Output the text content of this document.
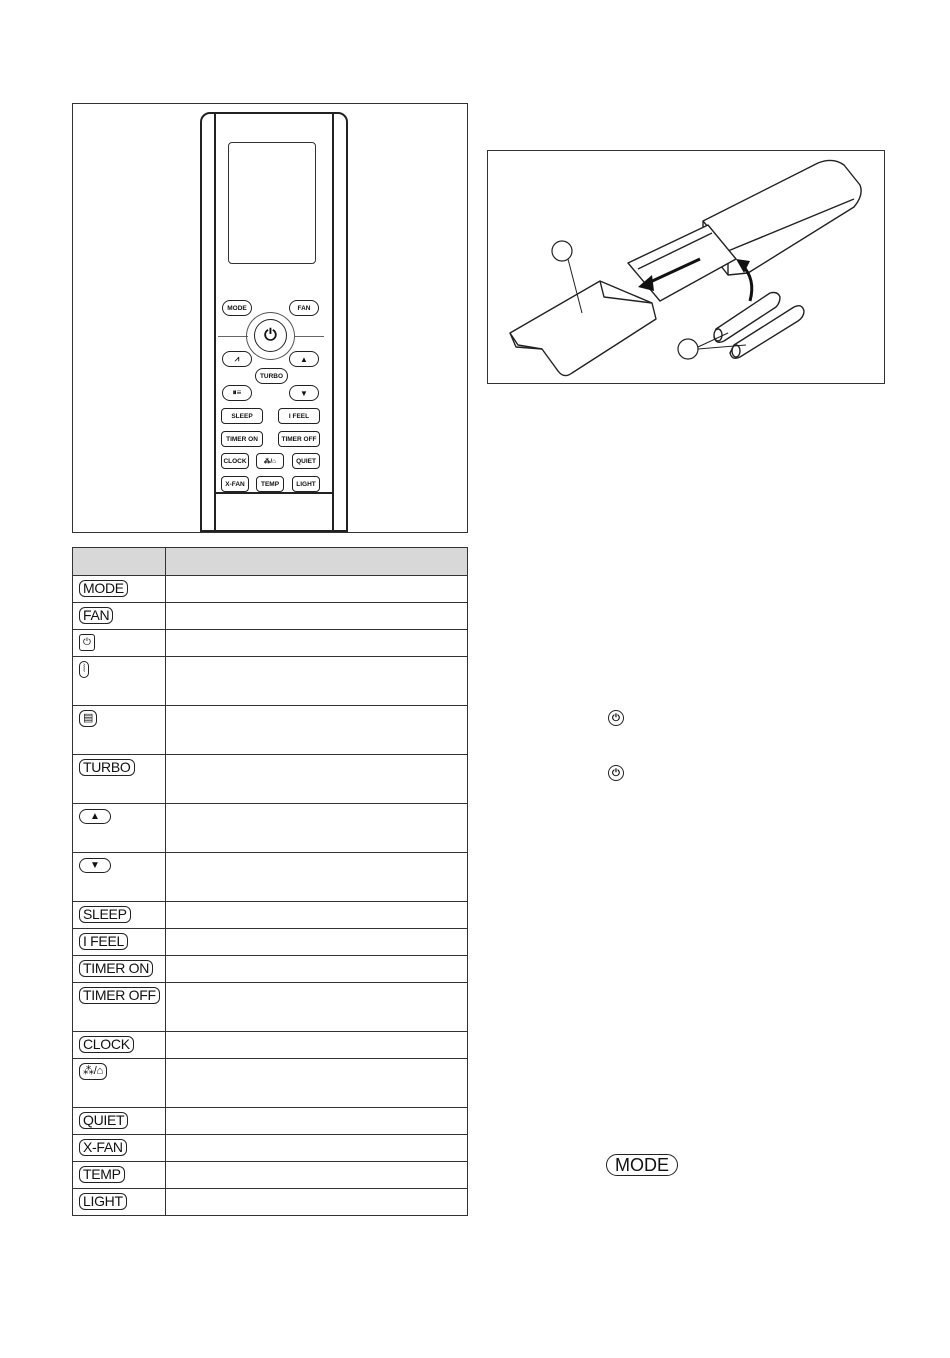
MODE	FAN
⏻
⩘	▲
TURBO
⏸︎≡	▼
SLEEP	I FEEL
TIMER ON	TIMER OFF
CLOCK	⁂/⌂	QUIET
X-FAN	TEMP	LIGHT

MODE	
FAN	
⏻	
⦚	
▤	
TURBO	
▲	
▼	
SLEEP	
I FEEL	
TIMER ON	
TIMER OFF	
CLOCK	
⁂/⌂	
QUIET	
X-FAN	
TEMP	
LIGHT	
⏻
⏻
MODE
